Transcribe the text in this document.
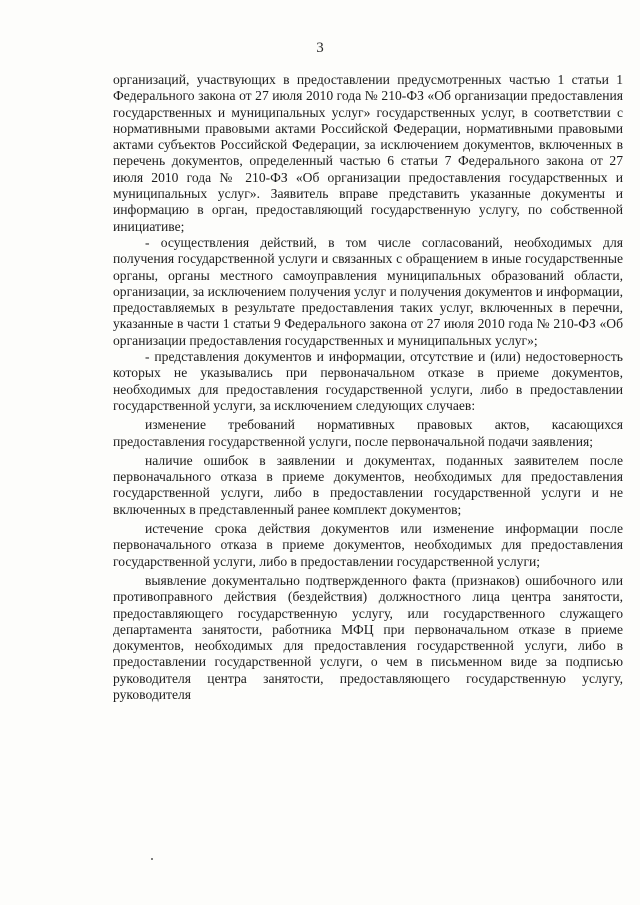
3

организаций, участвующих в предоставлении предусмотренных частью 1 статьи 1 Федерального закона от 27 июля 2010 года № 210-ФЗ «Об организации предоставления государственных и муниципальных услуг» государственных услуг, в соответствии с нормативными правовыми актами Российской Федерации, нормативными правовыми актами субъектов Российской Федерации, за исключением документов, включенных в перечень документов, определенный частью 6 статьи 7 Федерального закона от 27 июля 2010 года № 210-ФЗ «Об организации предоставления государственных и муниципальных услуг». Заявитель вправе представить указанные документы и информацию в орган, предоставляющий государственную услугу, по собственной инициативе;

- осуществления действий, в том числе согласований, необходимых для получения государственной услуги и связанных с обращением в иные государственные органы, органы местного самоуправления муниципальных образований области, организации, за исключением получения услуг и получения документов и информации, предоставляемых в результате предоставления таких услуг, включенных в перечни, указанные в части 1 статьи 9 Федерального закона от 27 июля 2010 года № 210-ФЗ «Об организации предоставления государственных и муниципальных услуг»;

- представления документов и информации, отсутствие и (или) недостоверность которых не указывались при первоначальном отказе в приеме документов, необходимых для предоставления государственной услуги, либо в предоставлении государственной услуги, за исключением следующих случаев:

изменение требований нормативных правовых актов, касающихся предоставления государственной услуги, после первоначальной подачи заявления;

наличие ошибок в заявлении и документах, поданных заявителем после первоначального отказа в приеме документов, необходимых для предоставления государственной услуги, либо в предоставлении государственной услуги и не включенных в представленный ранее комплект документов;

истечение срока действия документов или изменение информации после первоначального отказа в приеме документов, необходимых для предоставления государственной услуги, либо в предоставлении государственной услуги;

выявление документально подтвержденного факта (признаков) ошибочного или противоправного действия (бездействия) должностного лица центра занятости, предоставляющего государственную услугу, или государственного служащего департамента занятости, работника МФЦ при первоначальном отказе в приеме документов, необходимых для предоставления государственной услуги, либо в предоставлении государственной услуги, о чем в письменном виде за подписью руководителя центра занятости, предоставляющего государственную услугу, руководителя
